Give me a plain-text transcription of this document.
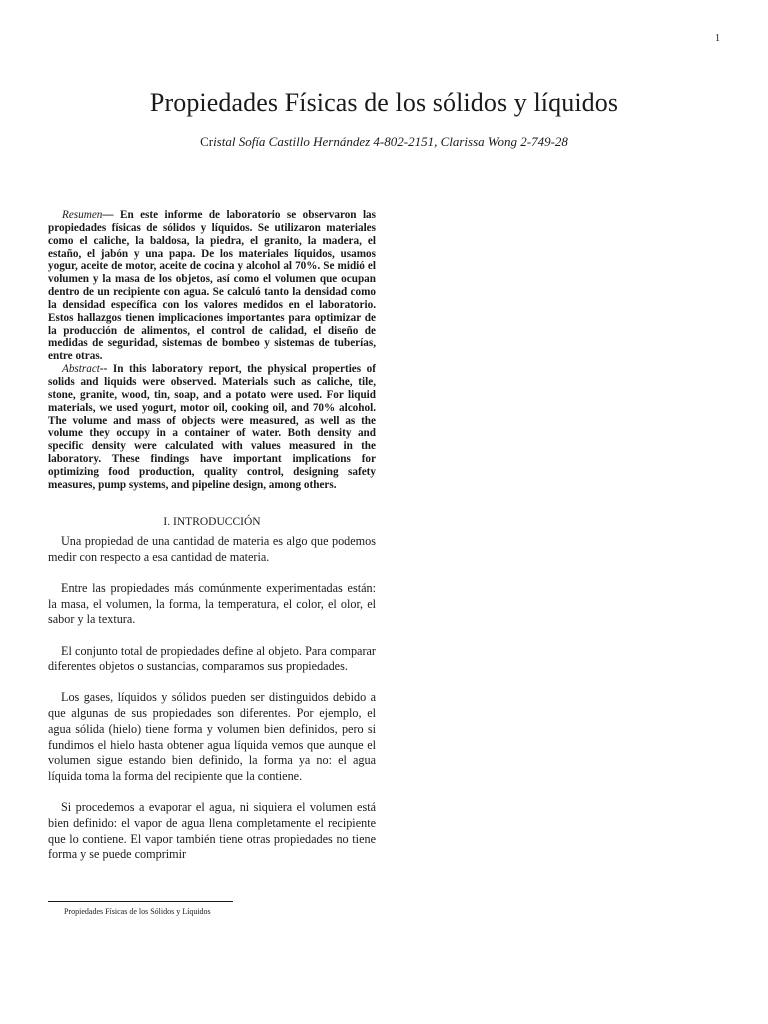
1
Propiedades Físicas de los sólidos y líquidos
Cristal Sofía Castillo Hernández 4-802-2151, Clarissa Wong 2-749-28

Resumen— En este informe de laboratorio se observaron las propiedades físicas de sólidos y líquidos. Se utilizaron materiales como el caliche, la baldosa, la piedra, el granito, la madera, el estaño, el jabón y una papa. De los materiales líquidos, usamos yogur, aceite de motor, aceite de cocina y alcohol al 70%. Se midió el volumen y la masa de los objetos, así como el volumen que ocupan dentro de un recipiente con agua. Se calculó tanto la densidad como la densidad específica con los valores medidos en el laboratorio. Estos hallazgos tienen implicaciones importantes para optimizar de la producción de alimentos, el control de calidad, el diseño de medidas de seguridad, sistemas de bombeo y sistemas de tuberías, entre otras.

Abstract-- In this laboratory report, the physical properties of solids and liquids were observed. Materials such as caliche, tile, stone, granite, wood, tin, soap, and a potato were used. For liquid materials, we used yogurt, motor oil, cooking oil, and 70% alcohol. The volume and mass of objects were measured, as well as the volume they occupy in a container of water. Both density and specific density were calculated with values measured in the laboratory. These findings have important implications for optimizing food production, quality control, designing safety measures, pump systems, and pipeline design, among others.

I. INTRODUCCIÓN

Una propiedad de una cantidad de materia es algo que podemos medir con respecto a esa cantidad de materia.

Entre las propiedades más comúnmente experimentadas están: la masa, el volumen, la forma, la temperatura, el color, el olor, el sabor y la textura.

El conjunto total de propiedades define al objeto. Para comparar diferentes objetos o sustancias, comparamos sus propiedades.

Los gases, líquidos y sólidos pueden ser distinguidos debido a que algunas de sus propiedades son diferentes. Por ejemplo, el agua sólida (hielo) tiene forma y volumen bien definidos, pero si fundimos el hielo hasta obtener agua líquida vemos que aunque el volumen sigue estando bien definido, la forma ya no: el agua líquida toma la forma del recipiente que la contiene.

Si procedemos a evaporar el agua, ni siquiera el volumen está bien definido: el vapor de agua llena completamente el recipiente que lo contiene. El vapor también tiene otras propiedades no tiene forma y se puede comprimir

Propiedades Físicas de los Sólidos y Líquidos
